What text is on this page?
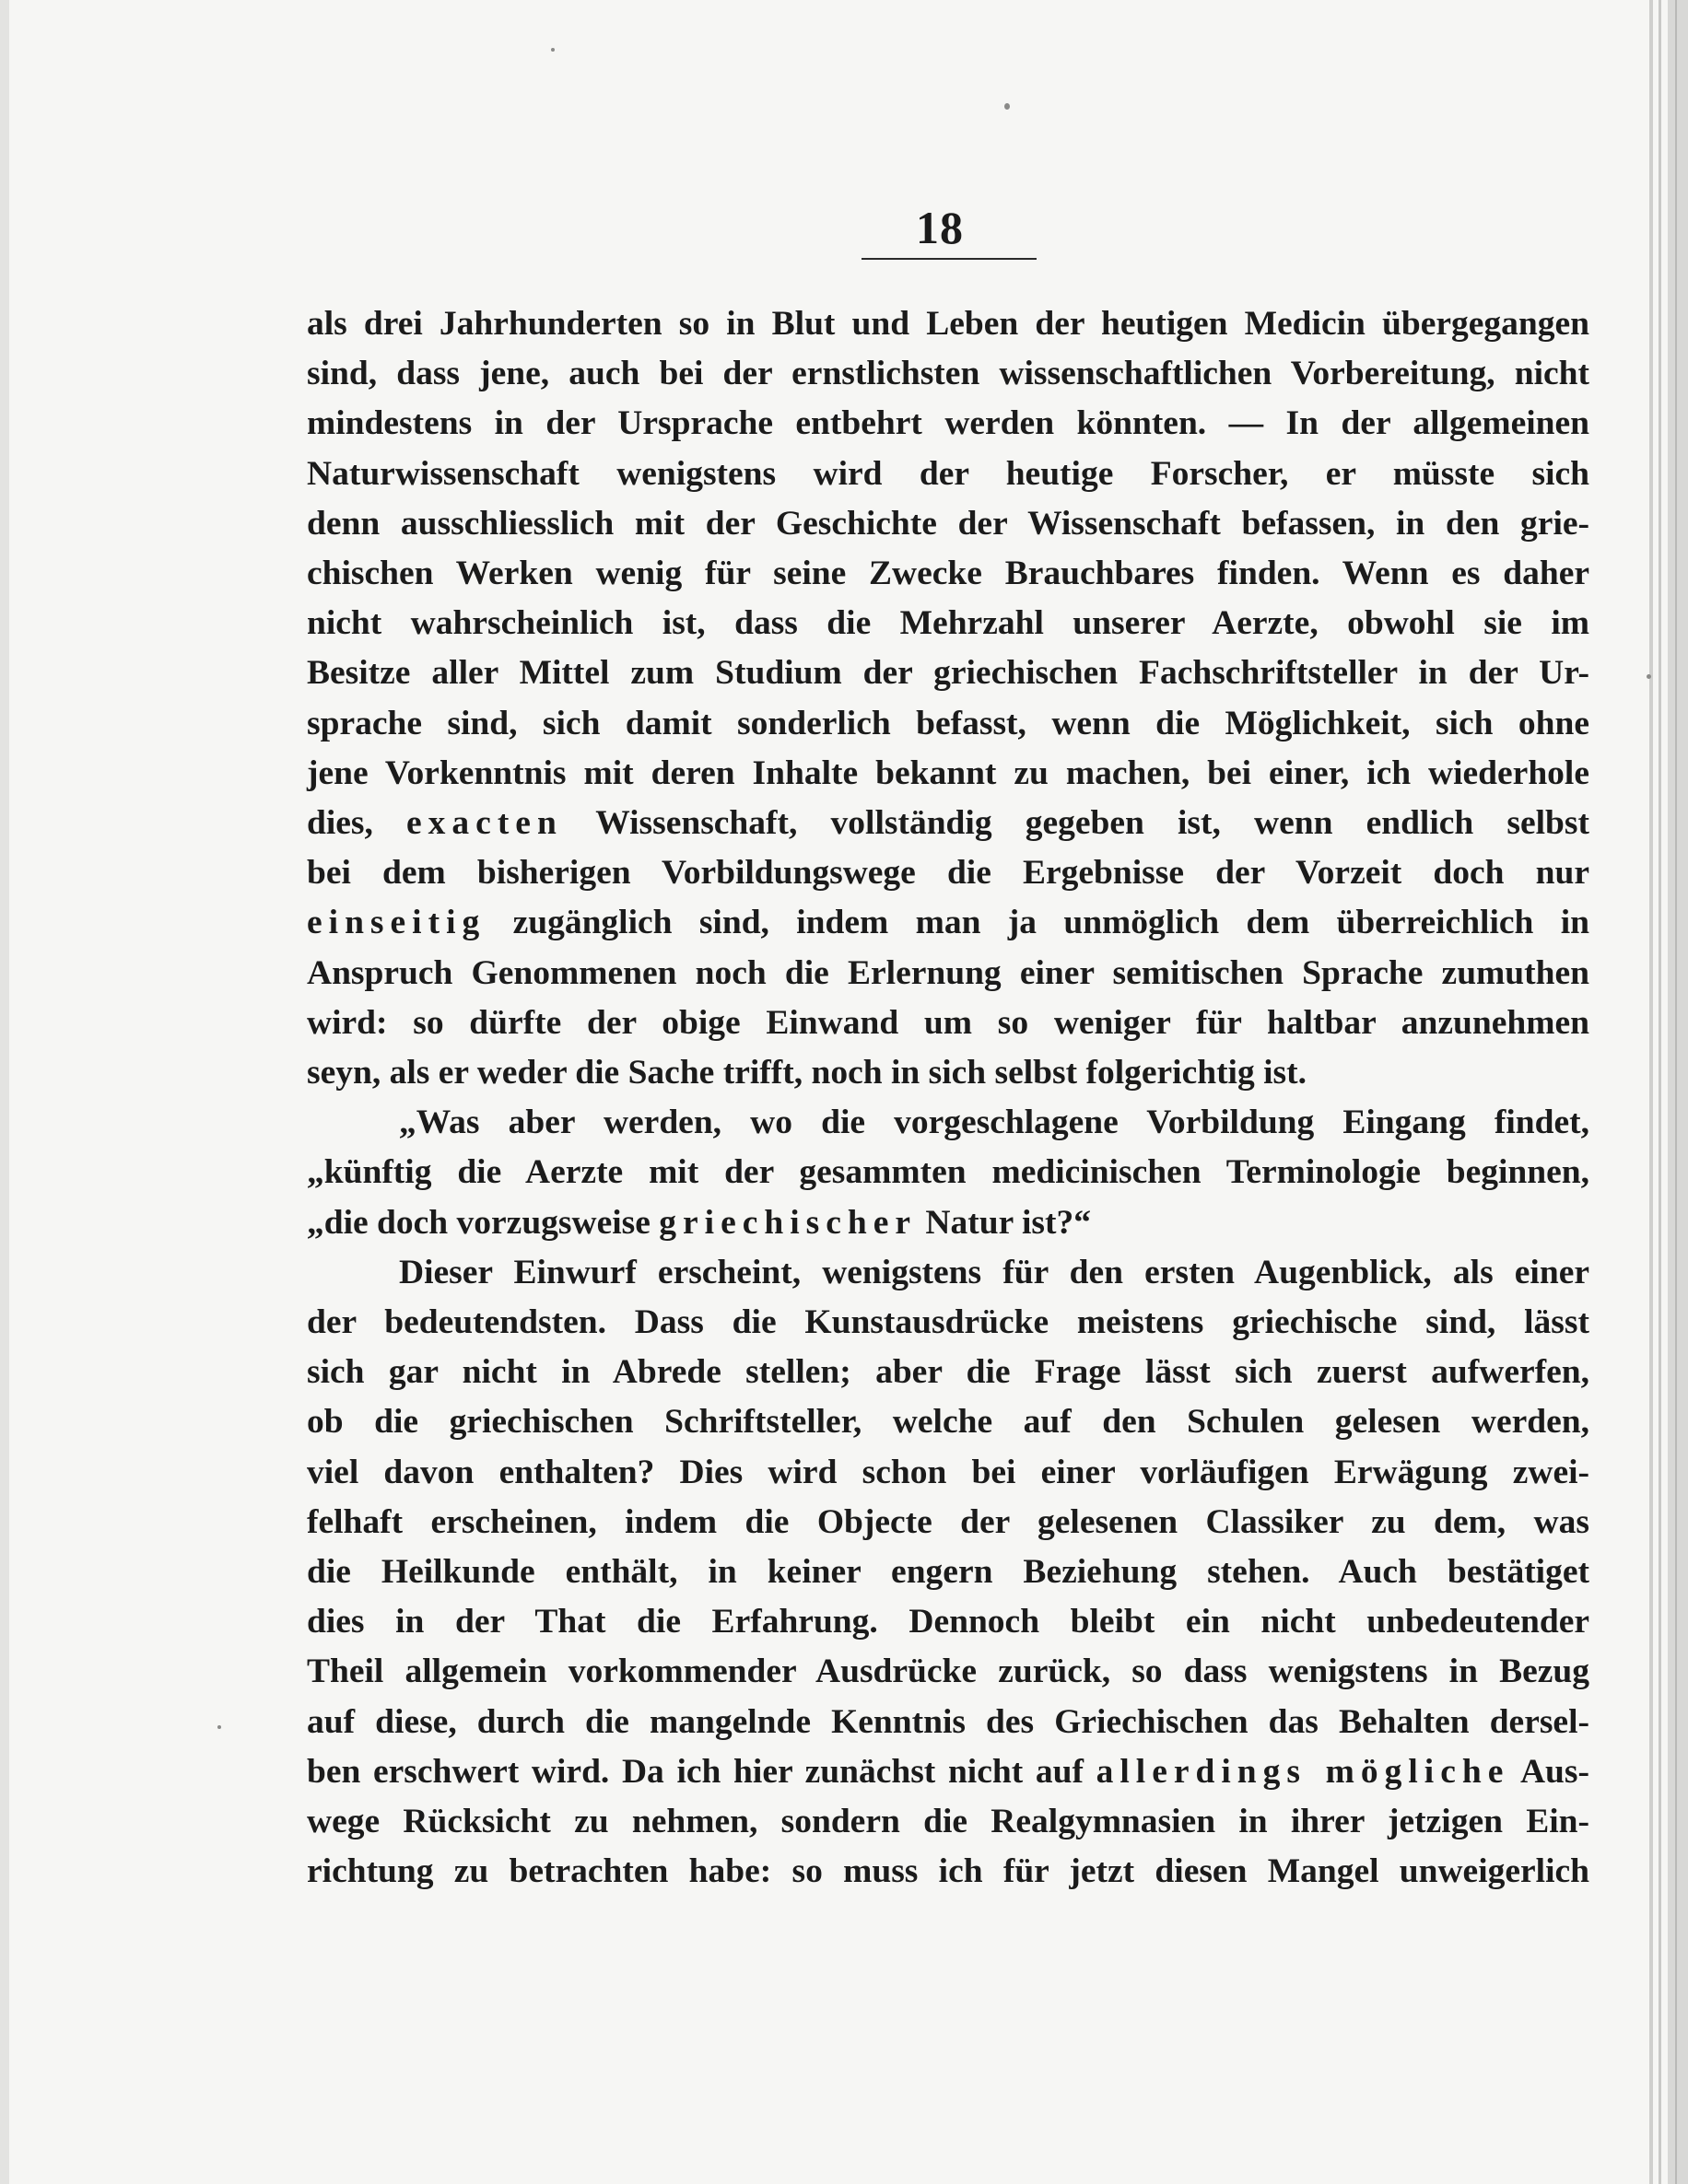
18
als drei Jahrhunderten so in Blut und Leben der heutigen Medicin übergegangen
sind, dass jene, auch bei der ernstlichsten wissenschaftlichen Vorbereitung, nicht
mindestens in der Ursprache entbehrt werden könnten. — In der allgemeinen
Naturwissenschaft wenigstens wird der heutige Forscher, er müsste sich
denn ausschliesslich mit der Geschichte der Wissenschaft befassen, in den grie-
chischen Werken wenig für seine Zwecke Brauchbares finden. Wenn es daher
nicht wahrscheinlich ist, dass die Mehrzahl unserer Aerzte, obwohl sie im
Besitze aller Mittel zum Studium der griechischen Fachschriftsteller in der Ur-
sprache sind, sich damit sonderlich befasst, wenn die Möglichkeit, sich ohne
jene Vorkenntnis mit deren Inhalte bekannt zu machen, bei einer, ich wiederhole
dies, exacten Wissenschaft, vollständig gegeben ist, wenn endlich selbst
bei dem bisherigen Vorbildungswege die Ergebnisse der Vorzeit doch nur
einseitig zugänglich sind, indem man ja unmöglich dem überreichlich in
Anspruch Genommenen noch die Erlernung einer semitischen Sprache zumuthen
wird: so dürfte der obige Einwand um so weniger für haltbar anzunehmen
seyn, als er weder die Sache trifft, noch in sich selbst folgerichtig ist.
„Was aber werden, wo die vorgeschlagene Vorbildung Eingang findet,
„künftig die Aerzte mit der gesammten medicinischen Terminologie beginnen,
„die doch vorzugsweise griechischer Natur ist?“
Dieser Einwurf erscheint, wenigstens für den ersten Augenblick, als einer
der bedeutendsten. Dass die Kunstausdrücke meistens griechische sind, lässt
sich gar nicht in Abrede stellen; aber die Frage lässt sich zuerst aufwerfen,
ob die griechischen Schriftsteller, welche auf den Schulen gelesen werden,
viel davon enthalten? Dies wird schon bei einer vorläufigen Erwägung zwei-
felhaft erscheinen, indem die Objecte der gelesenen Classiker zu dem, was
die Heilkunde enthält, in keiner engern Beziehung stehen. Auch bestätiget
dies in der That die Erfahrung. Dennoch bleibt ein nicht unbedeutender
Theil allgemein vorkommender Ausdrücke zurück, so dass wenigstens in Bezug
auf diese, durch die mangelnde Kenntnis des Griechischen das Behalten dersel-
ben erschwert wird. Da ich hier zunächst nicht auf allerdings mögliche Aus-
wege Rücksicht zu nehmen, sondern die Realgymnasien in ihrer jetzigen Ein-
richtung zu betrachten habe: so muss ich für jetzt diesen Mangel unweigerlich
